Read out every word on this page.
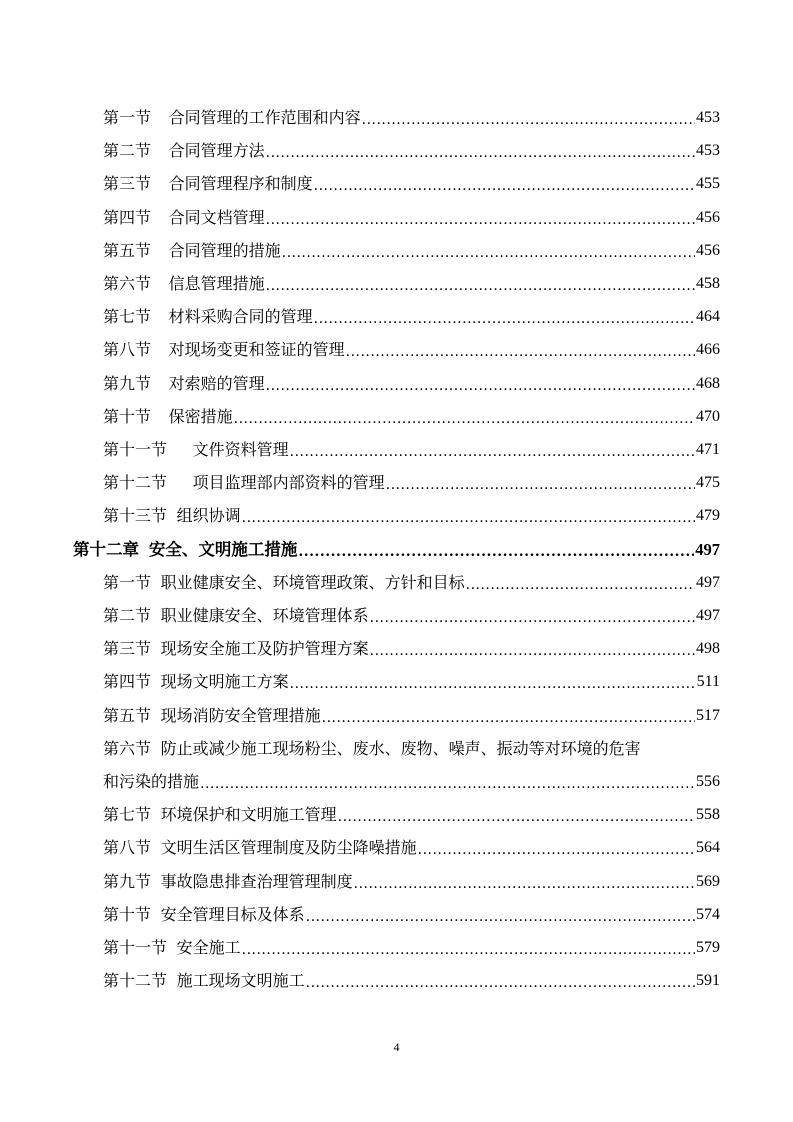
第一节 合同管理的工作范围和内容 .....	453
第二节 合同管理方法 .....	453
第三节 合同管理程序和制度 .....	455
第四节 合同文档管理 .....	456
第五节 合同管理的措施 .....	456
第六节 信息管理措施 .....	458
第七节 材料采购合同的管理 .....	464
第八节 对现场变更和签证的管理 .....	466
第九节 对索赔的管理 .....	468
第十节 保密措施 .....	470
第十一节 文件资料管理 .....	471
第十二节 项目监理部内部资料的管理 .....	475
第十三节 组织协调 .....	479
第十二章 安全、文明施工措施 .....	497
第一节 职业健康安全、环境管理政策、方针和目标 .....	497
第二节 职业健康安全、环境管理体系 .....	497
第三节 现场安全施工及防护管理方案 .....	498
第四节 现场文明施工方案 .....	511
第五节 现场消防安全管理措施 .....	517
第六节 防止或减少施工现场粉尘、废水、废物、噪声、振动等对环境的危害
和污染的措施 .....	556
第七节 环境保护和文明施工管理 .....	558
第八节 文明生活区管理制度及防尘降噪措施 .....	564
第九节 事故隐患排查治理管理制度 .....	569
第十节 安全管理目标及体系 .....	574
第十一节 安全施工 .....	579
第十二节 施工现场文明施工 .....	591
4
